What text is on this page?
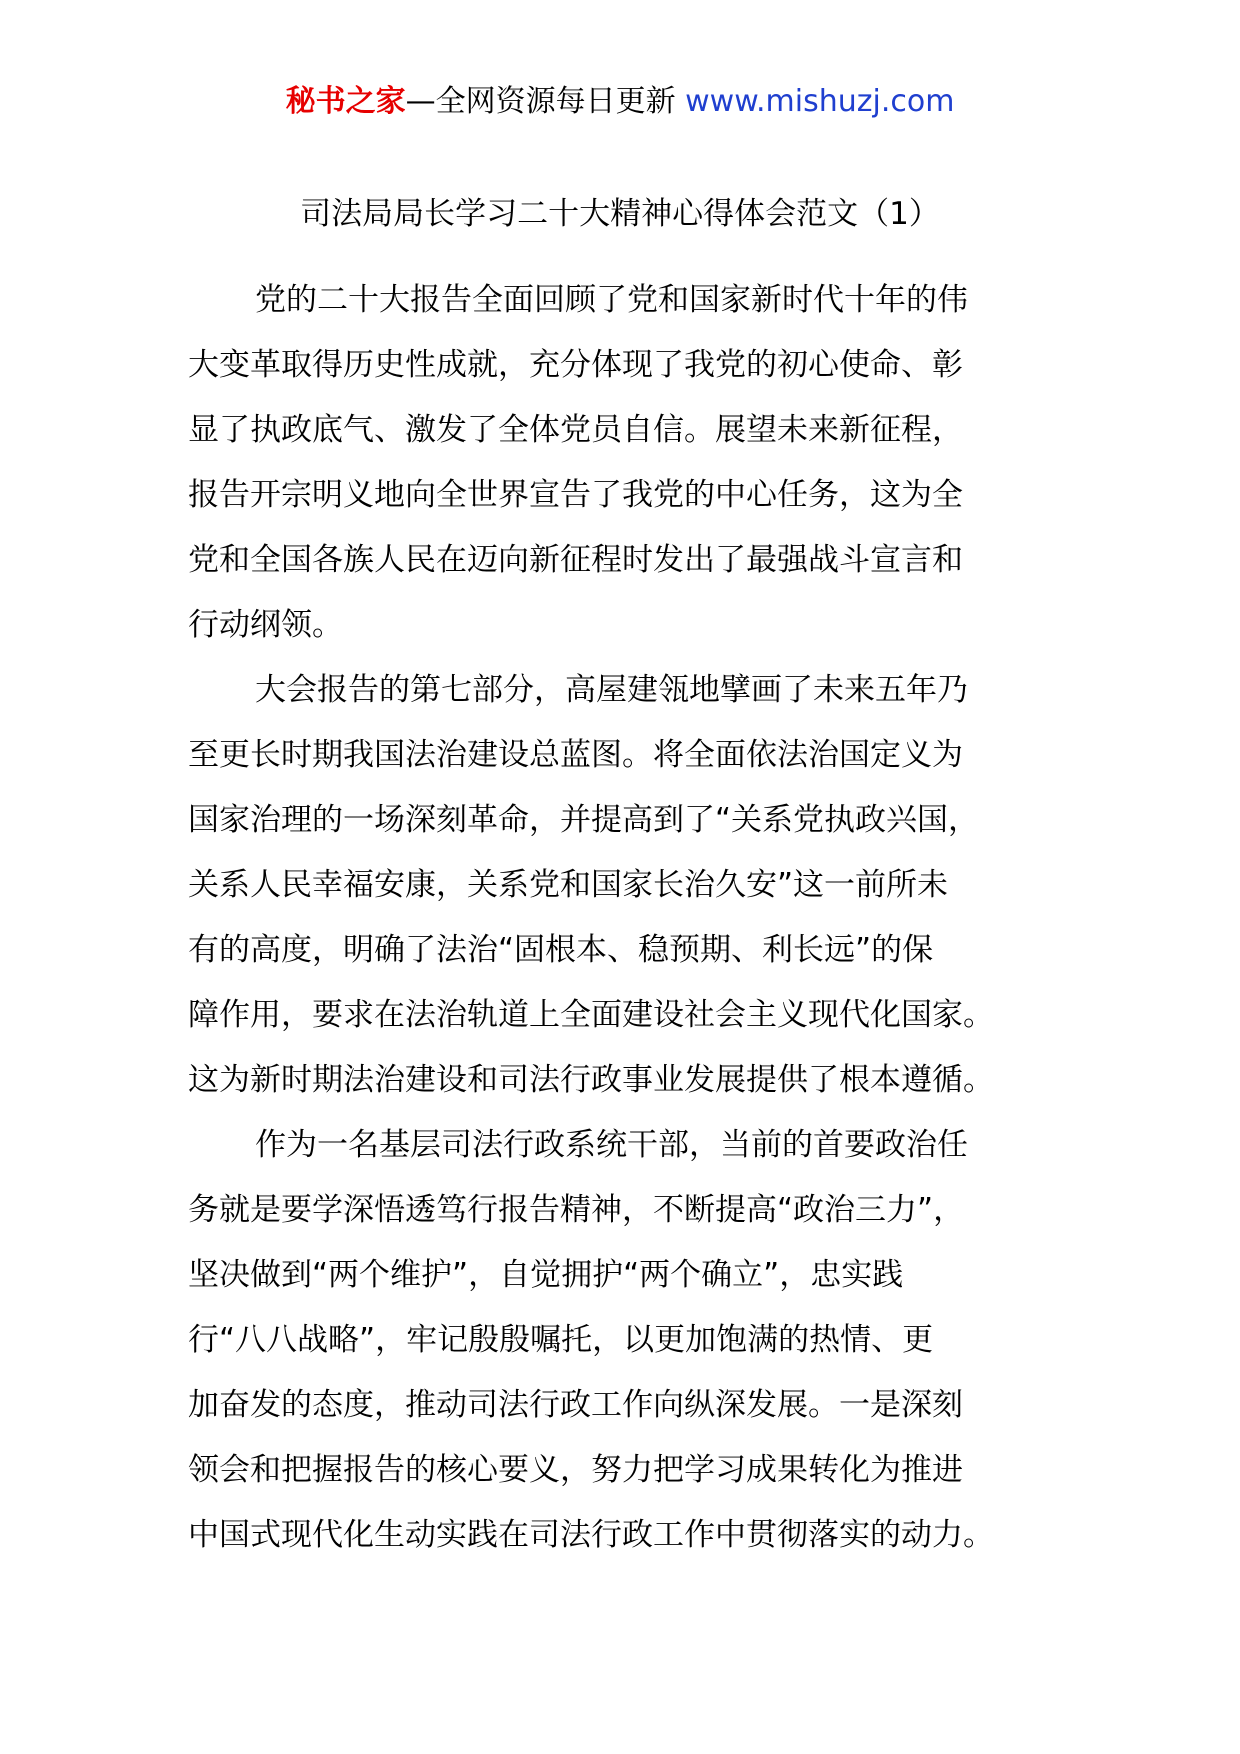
秘书之家—全网资源每日更新 www.mishuzj.com
司法局局长学习二十大精神心得体会范文（1）
党的二十大报告全面回顾了党和国家新时代十年的伟
大变革取得历史性成就，充分体现了我党的初心使命、彰
显了执政底气、激发了全体党员自信。展望未来新征程，
报告开宗明义地向全世界宣告了我党的中心任务，这为全
党和全国各族人民在迈向新征程时发出了最强战斗宣言和
行动纲领。
大会报告的第七部分，高屋建瓴地擘画了未来五年乃
至更长时期我国法治建设总蓝图。将全面依法治国定义为
国家治理的一场深刻革命，并提高到了“关系党执政兴国，
关系人民幸福安康，关系党和国家长治久安”这一前所未
有的高度，明确了法治“固根本、稳预期、利长远”的保
障作用，要求在法治轨道上全面建设社会主义现代化国家。
这为新时期法治建设和司法行政事业发展提供了根本遵循。
作为一名基层司法行政系统干部，当前的首要政治任
务就是要学深悟透笃行报告精神，不断提高“政治三力”，
坚决做到“两个维护”，自觉拥护“两个确立”，忠实践
行“八八战略”，牢记殷殷嘱托，以更加饱满的热情、更
加奋发的态度，推动司法行政工作向纵深发展。一是深刻
领会和把握报告的核心要义，努力把学习成果转化为推进
中国式现代化生动实践在司法行政工作中贯彻落实的动力。
